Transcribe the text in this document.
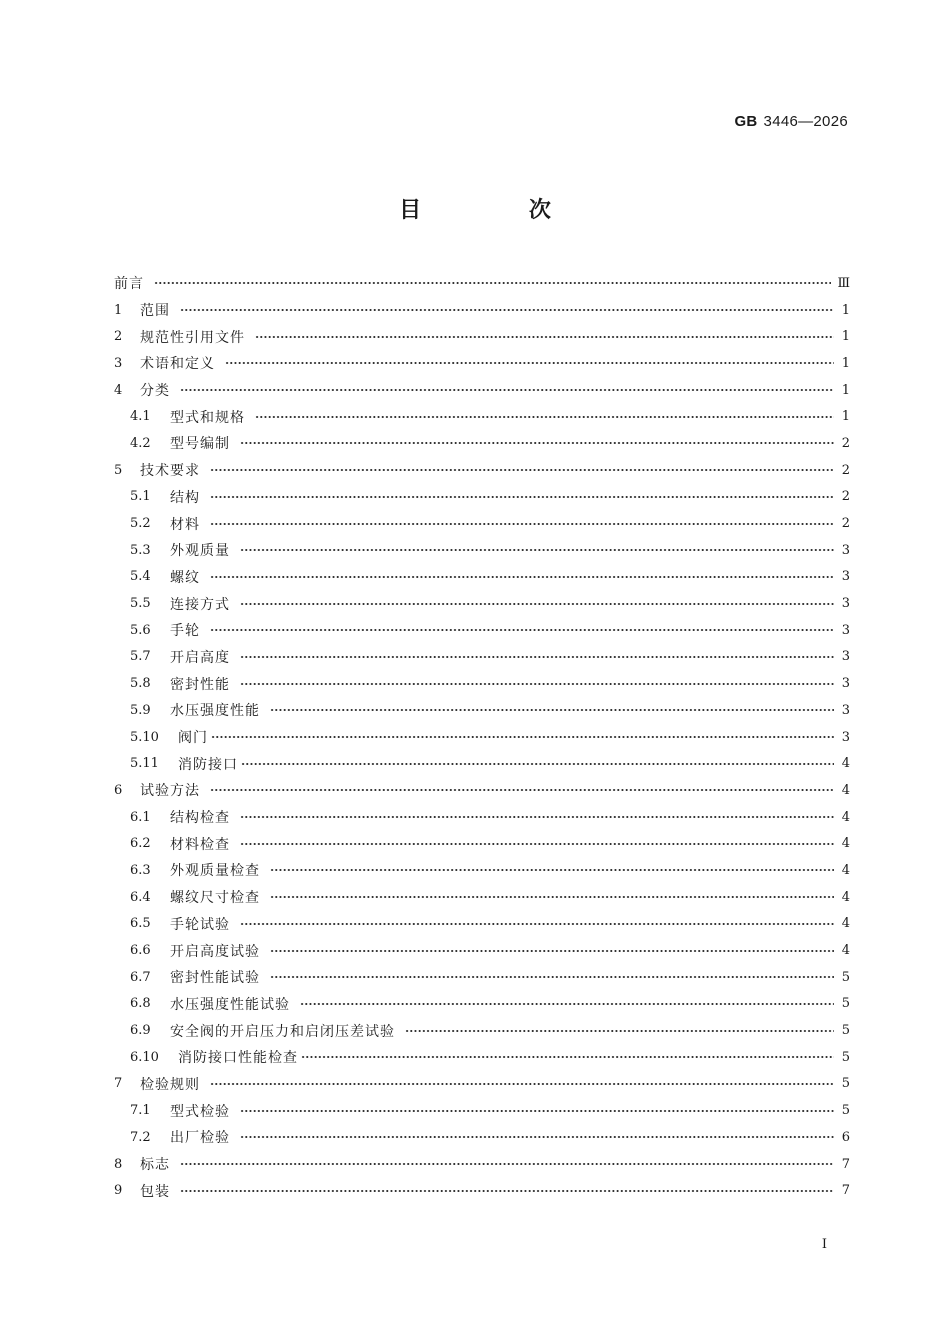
GB 3446—2026
目 次
前言	Ⅲ
1	范围	1
2	规范性引用文件	1
3	术语和定义	1
4	分类	1
4.1	型式和规格	1
4.2	型号编制	2
5	技术要求	2
5.1	结构	2
5.2	材料	2
5.3	外观质量	3
5.4	螺纹	3
5.5	连接方式	3
5.6	手轮	3
5.7	开启高度	3
5.8	密封性能	3
5.9	水压强度性能	3
5.10	阀门	3
5.11	消防接口	4
6	试验方法	4
6.1	结构检查	4
6.2	材料检查	4
6.3	外观质量检查	4
6.4	螺纹尺寸检查	4
6.5	手轮试验	4
6.6	开启高度试验	4
6.7	密封性能试验	5
6.8	水压强度性能试验	5
6.9	安全阀的开启压力和启闭压差试验	5
6.10	消防接口性能检查	5
7	检验规则	5
7.1	型式检验	5
7.2	出厂检验	6
8	标志	7
9	包装	7
I
